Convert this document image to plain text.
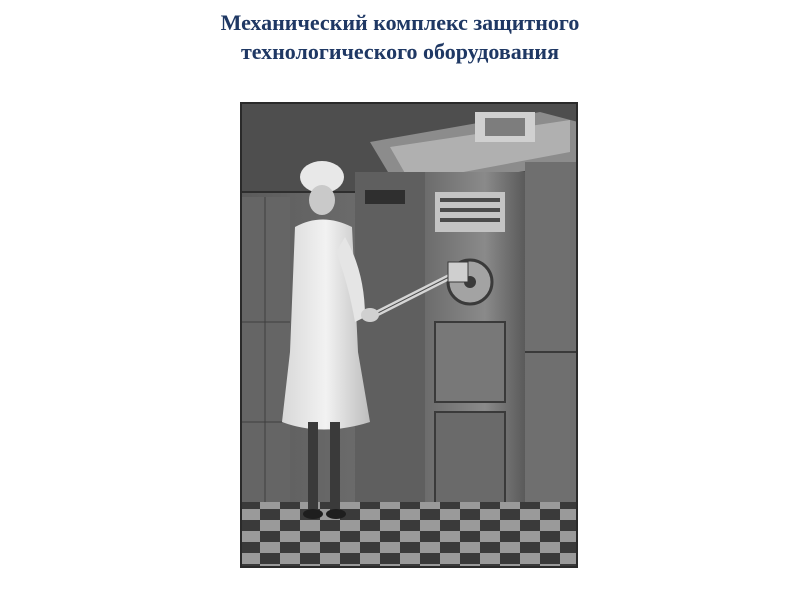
Механический комплекс защитного
технологического оборудования
